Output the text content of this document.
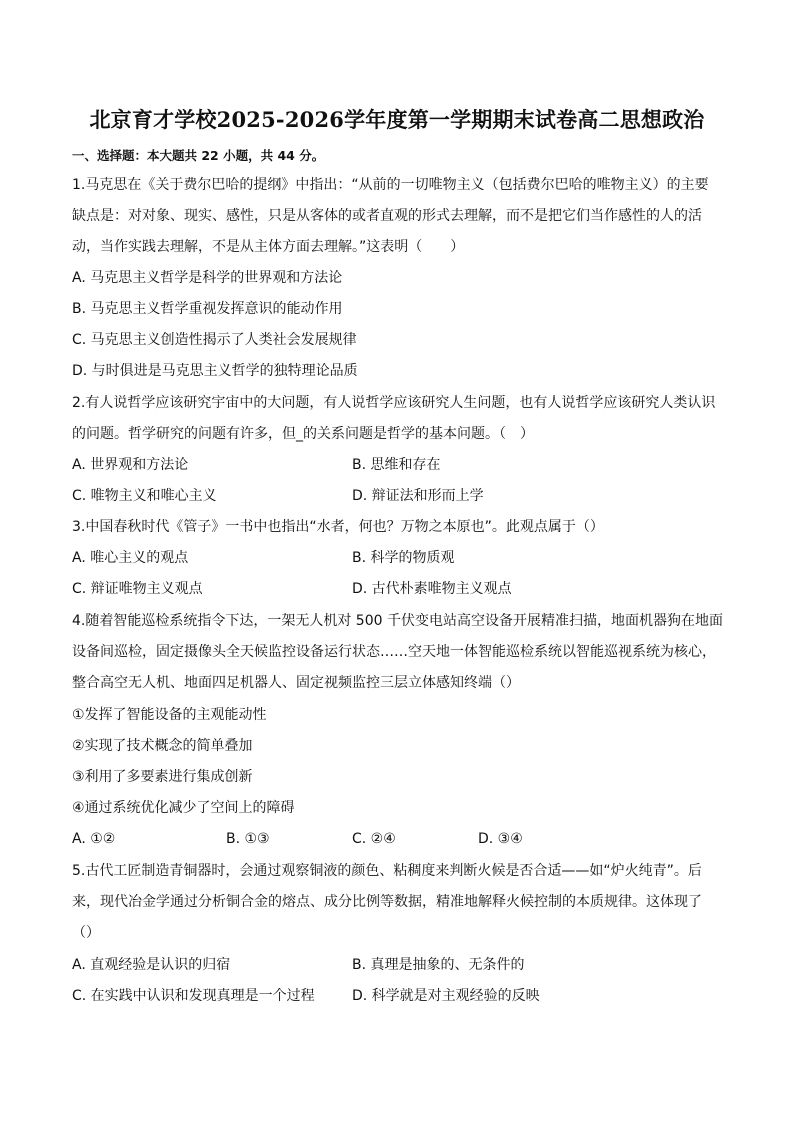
北京育才学校2025-2026学年度第一学期期末试卷高二思想政治
一、选择题：本大题共 22 小题，共 44 分。
1.马克思在《关于费尔巴哈的提纲》中指出：“从前的一切唯物主义（包括费尔巴哈的唯物主义）的主要
缺点是：对对象、现实、感性，只是从客体的或者直观的形式去理解，而不是把它们当作感性的人的活
动，当作实践去理解，不是从主体方面去理解。”这表明（　　）
A. 马克思主义哲学是科学的世界观和方法论
B. 马克思主义哲学重视发挥意识的能动作用
C. 马克思主义创造性揭示了人类社会发展规律
D. 与时俱进是马克思主义哲学的独特理论品质
2.有人说哲学应该研究宇宙中的大问题，有人说哲学应该研究人生问题，也有人说哲学应该研究人类认识
的问题。哲学研究的问题有许多，但_的关系问题是哲学的基本问题。（　）
A. 世界观和方法论	B. 思维和存在
C. 唯物主义和唯心主义	D. 辩证法和形而上学
3.中国春秋时代《管子》一书中也指出“水者，何也？万物之本原也”。此观点属于（）
A. 唯心主义的观点	B. 科学的物质观
C. 辩证唯物主义观点	D. 古代朴素唯物主义观点
4.随着智能巡检系统指令下达，一架无人机对 500 千伏变电站高空设备开展精准扫描，地面机器狗在地面
设备间巡检，固定摄像头全天候监控设备运行状态……空天地一体智能巡检系统以智能巡视系统为核心，
整合高空无人机、地面四足机器人、固定视频监控三层立体感知终端（）
①发挥了智能设备的主观能动性
②实现了技术概念的简单叠加
③利用了多要素进行集成创新
④通过系统优化减少了空间上的障碍
A. ①②	B. ①③	C. ②④	D. ③④
5.古代工匠制造青铜器时，会通过观察铜液的颜色、粘稠度来判断火候是否合适——如“炉火纯青”。后
来，现代冶金学通过分析铜合金的熔点、成分比例等数据，精准地解释火候控制的本质规律。这体现了
（）
A. 直观经验是认识的归宿	B. 真理是抽象的、无条件的
C. 在实践中认识和发现真理是一个过程	D. 科学就是对主观经验的反映
